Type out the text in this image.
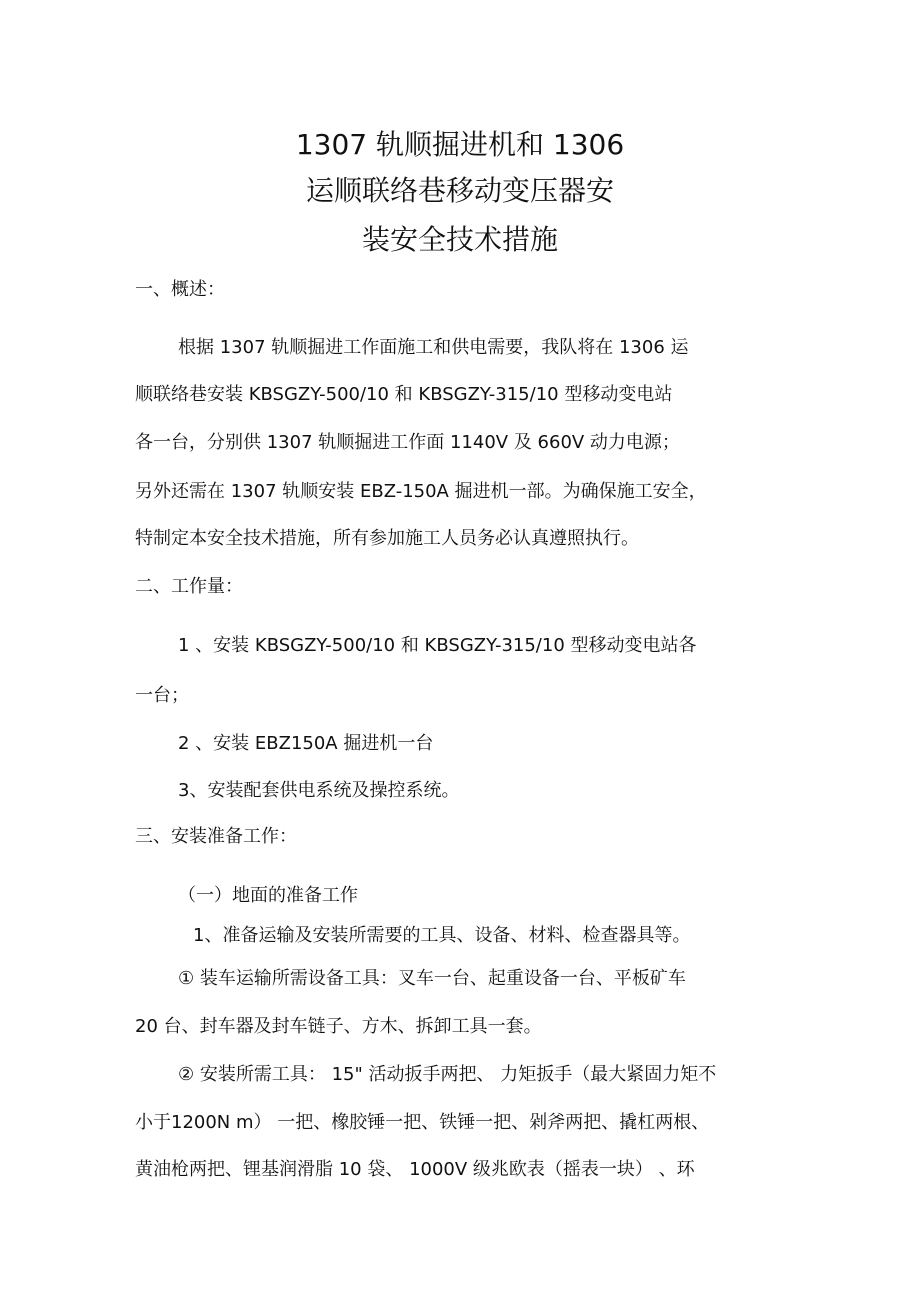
1307 轨顺掘进机和 1306
运顺联络巷移动变压器安
装安全技术措施
一、概述：
根据 1307 轨顺掘进工作面施工和供电需要，我队将在 1306 运
顺联络巷安装 KBSGZY-500/10 和 KBSGZY-315/10 型移动变电站
各一台，分别供 1307 轨顺掘进工作面 1140V 及 660V 动力电源；
另外还需在 1307 轨顺安装 EBZ-150A 掘进机一部。为确保施工安全，
特制定本安全技术措施，所有参加施工人员务必认真遵照执行。
二、工作量：
1 、安装 KBSGZY-500/10 和 KBSGZY-315/10 型移动变电站各
一台；
2 、安装 EBZ150A 掘进机一台
3、安装配套供电系统及操控系统。
三、安装准备工作：
（一）地面的准备工作
1、准备运输及安装所需要的工具、设备、材料、检查器具等。
① 装车运输所需设备工具：叉车一台、起重设备一台、平板矿车
20 台、封车器及封车链子、方木、拆卸工具一套。
② 安装所需工具： 15" 活动扳手两把、 力矩扳手（最大紧固力矩不
小于1200N m） 一把、橡胶锤一把、铁锤一把、剁斧两把、撬杠两根、
黄油枪两把、锂基润滑脂 10 袋、 1000V 级兆欧表（摇表一块） 、环
